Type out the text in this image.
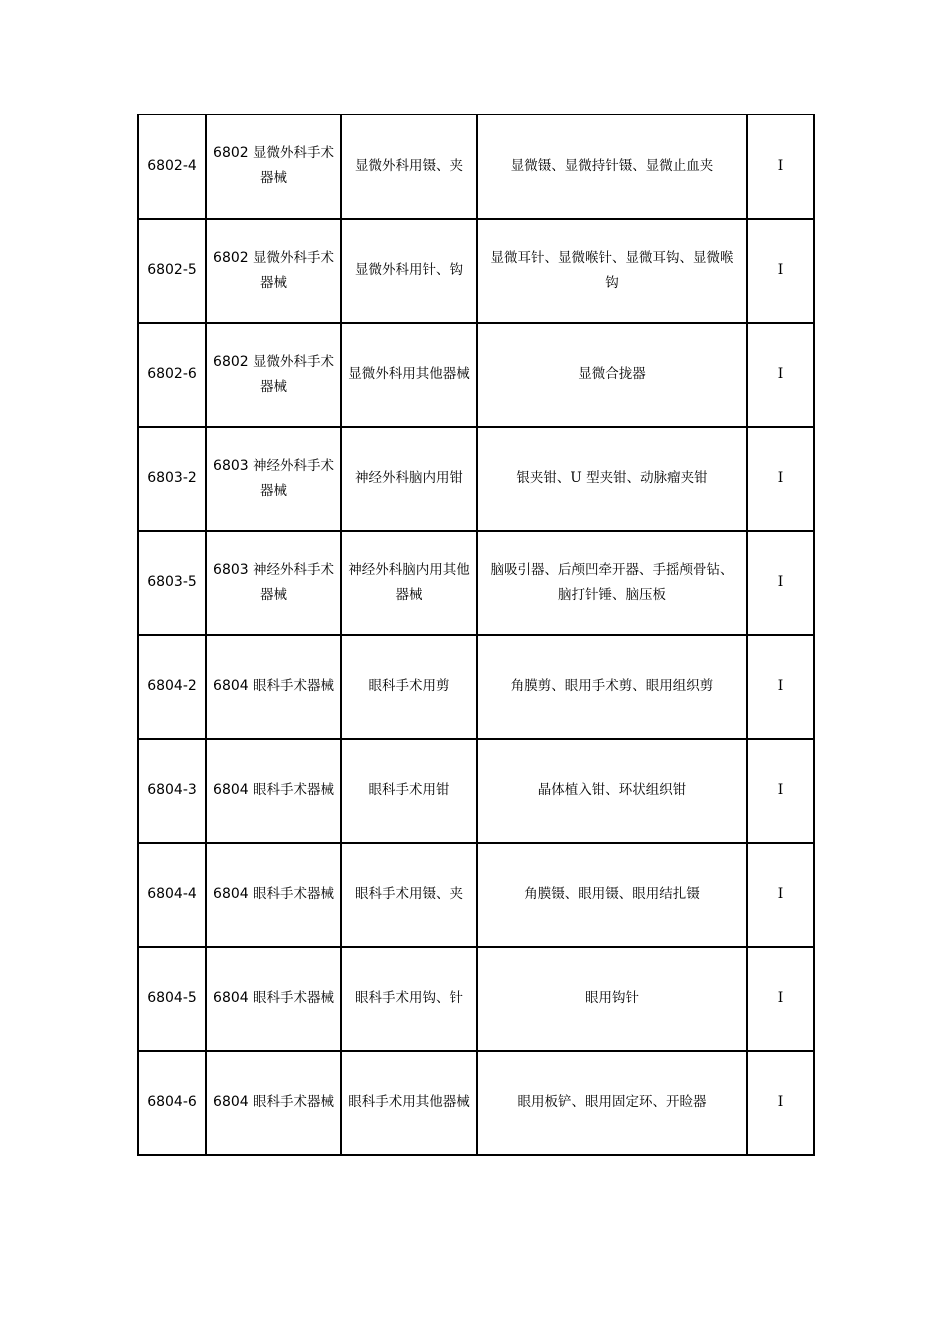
6802-4	6802 显微外科手术器械	显微外科用镊、夹	显微镊、显微持针镊、显微止血夹	I
6802-5	6802 显微外科手术器械	显微外科用针、钩	显微耳针、显微喉针、显微耳钩、显微喉钩	I
6802-6	6802 显微外科手术器械	显微外科用其他器械	显微合拢器	I
6803-2	6803 神经外科手术器械	神经外科脑内用钳	银夹钳、U 型夹钳、动脉瘤夹钳	I
6803-5	6803 神经外科手术器械	神经外科脑内用其他器械	脑吸引器、后颅凹牵开器、手摇颅骨钻、脑打针锤、脑压板	I
6804-2	6804 眼科手术器械	眼科手术用剪	角膜剪、眼用手术剪、眼用组织剪	I
6804-3	6804 眼科手术器械	眼科手术用钳	晶体植入钳、环状组织钳	I
6804-4	6804 眼科手术器械	眼科手术用镊、夹	角膜镊、眼用镊、眼用结扎镊	I
6804-5	6804 眼科手术器械	眼科手术用钩、针	眼用钩针	I
6804-6	6804 眼科手术器械	眼科手术用其他器械	眼用板铲、眼用固定环、开睑器	I
